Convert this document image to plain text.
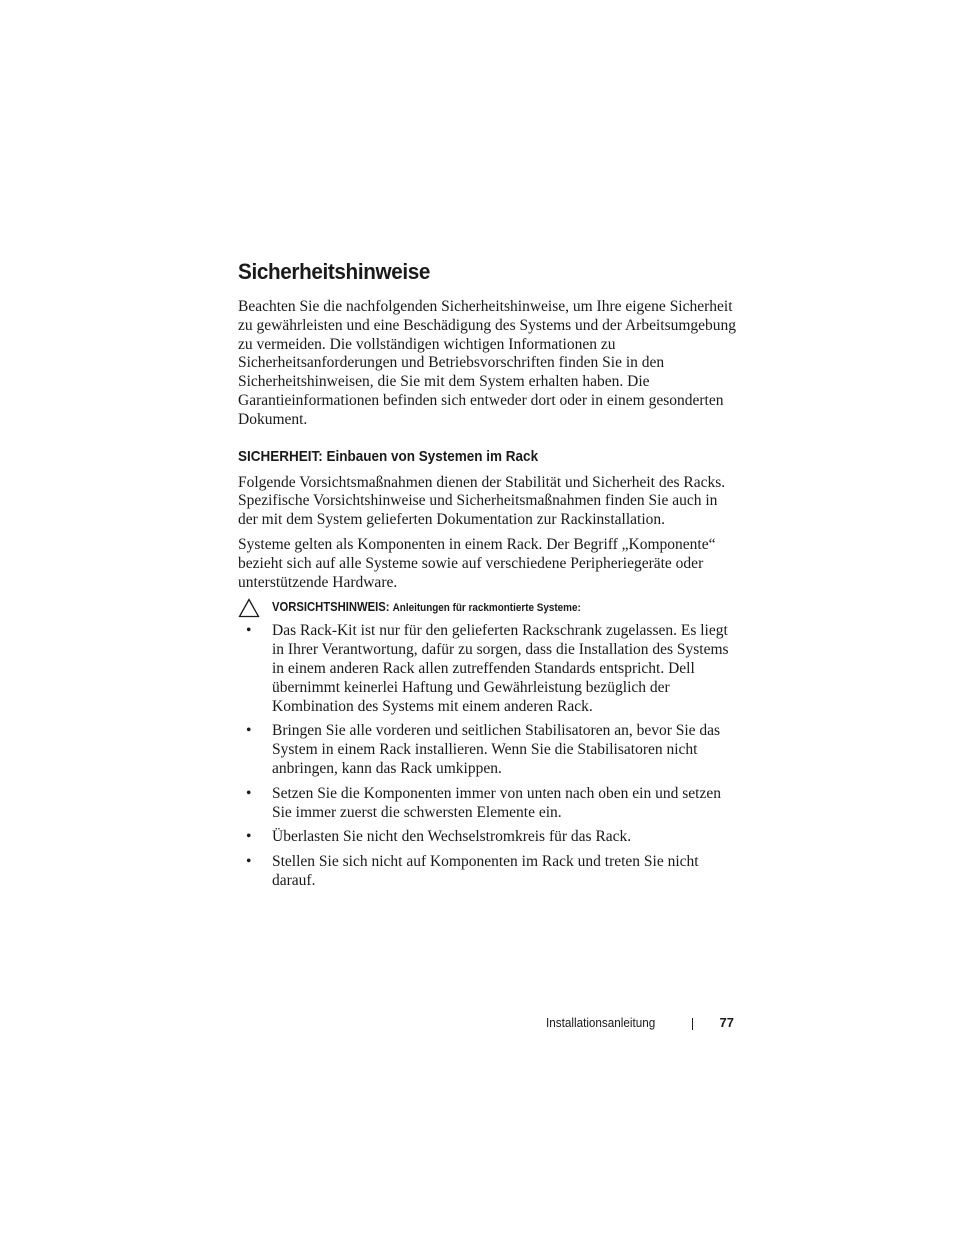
Sicherheitshinweise

Beachten Sie die nachfolgenden Sicherheitshinweise, um Ihre eigene Sicherheit zu gewährleisten und eine Beschädigung des Systems und der Arbeitsumgebung zu vermeiden. Die vollständigen wichtigen Informationen zu Sicherheitsanforderungen und Betriebsvorschriften finden Sie in den Sicherheitshinweisen, die Sie mit dem System erhalten haben. Die Garantieinformationen befinden sich entweder dort oder in einem gesonderten Dokument.

SICHERHEIT: Einbauen von Systemen im Rack

Folgende Vorsichtsmaßnahmen dienen der Stabilität und Sicherheit des Racks. Spezifische Vorsichtshinweise und Sicherheitsmaßnahmen finden Sie auch in der mit dem System gelieferten Dokumentation zur Rackinstallation.

Systeme gelten als Komponenten in einem Rack. Der Begriff „Komponente“ bezieht sich auf alle Systeme sowie auf verschiedene Peripheriegeräte oder unterstützende Hardware.

VORSICHTSHINWEIS: Anleitungen für rackmontierte Systeme:
• Das Rack-Kit ist nur für den gelieferten Rackschrank zugelassen. Es liegt in Ihrer Verantwortung, dafür zu sorgen, dass die Installation des Systems in einem anderen Rack allen zutreffenden Standards entspricht. Dell übernimmt keinerlei Haftung und Gewährleistung bezüglich der Kombination des Systems mit einem anderen Rack.
• Bringen Sie alle vorderen und seitlichen Stabilisatoren an, bevor Sie das System in einem Rack installieren. Wenn Sie die Stabilisatoren nicht anbringen, kann das Rack umkippen.
• Setzen Sie die Komponenten immer von unten nach oben ein und setzen Sie immer zuerst die schwersten Elemente ein.
• Überlasten Sie nicht den Wechselstromkreis für das Rack.
• Stellen Sie sich nicht auf Komponenten im Rack und treten Sie nicht darauf.
Installationsanleitung	77
